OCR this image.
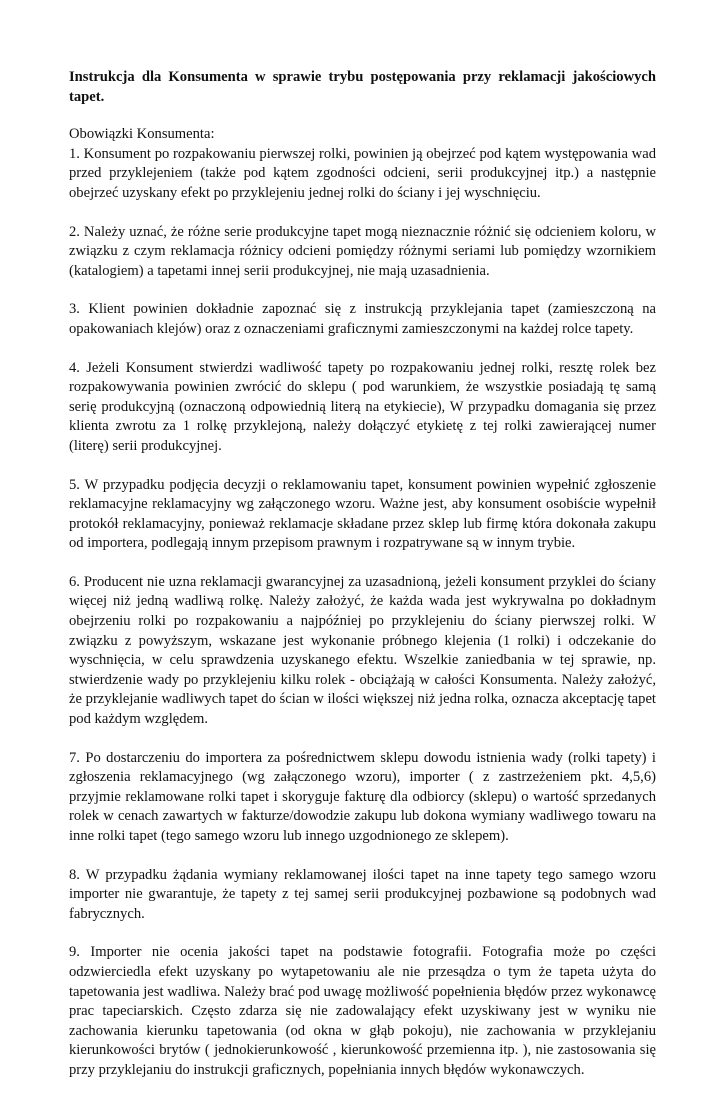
Instrukcja dla Konsumenta w sprawie trybu postępowania przy reklamacji jakościowych tapet.

Obowiązki Konsumenta:

1. Konsument po rozpakowaniu pierwszej rolki, powinien ją obejrzeć pod kątem występowania wad przed przyklejeniem (także pod kątem zgodności odcieni, serii produkcyjnej itp.) a następnie obejrzeć uzyskany efekt po przyklejeniu jednej rolki do ściany i jej wyschnięciu.

2. Należy uznać, że różne serie produkcyjne tapet mogą nieznacznie różnić się odcieniem koloru, w związku z czym reklamacja różnicy odcieni pomiędzy różnymi seriami lub pomiędzy wzornikiem (katalogiem) a tapetami innej serii produkcyjnej, nie mają uzasadnienia.

3. Klient powinien dokładnie zapoznać się z instrukcją przyklejania tapet (zamieszczoną na opakowaniach klejów) oraz z oznaczeniami graficznymi zamieszczonymi na każdej rolce tapety.

4. Jeżeli Konsument stwierdzi wadliwość tapety po rozpakowaniu jednej rolki, resztę rolek bez rozpakowywania powinien zwrócić do sklepu ( pod warunkiem, że wszystkie posiadają tę samą serię produkcyjną (oznaczoną odpowiednią literą na etykiecie), W przypadku domagania się przez klienta zwrotu za 1 rolkę przyklejoną, należy dołączyć etykietę z tej rolki zawierającej numer (literę) serii produkcyjnej.

5. W przypadku podjęcia decyzji o reklamowaniu tapet, konsument powinien wypełnić zgłoszenie reklamacyjne reklamacyjny wg załączonego wzoru. Ważne jest, aby konsument osobiście wypełnił protokół reklamacyjny, ponieważ reklamacje składane przez sklep lub firmę która dokonała zakupu od importera, podlegają innym przepisom prawnym i rozpatrywane są w innym trybie.

6. Producent nie uzna reklamacji gwarancyjnej za uzasadnioną, jeżeli konsument przyklei do ściany więcej niż jedną wadliwą rolkę. Należy założyć, że każda wada jest wykrywalna po dokładnym obejrzeniu rolki po rozpakowaniu a najpóźniej po przyklejeniu do ściany pierwszej rolki. W związku z powyższym, wskazane jest wykonanie próbnego klejenia (1 rolki) i odczekanie do wyschnięcia, w celu sprawdzenia uzyskanego efektu. Wszelkie zaniedbania w tej sprawie, np. stwierdzenie wady po przyklejeniu kilku rolek - obciążają w całości Konsumenta. Należy założyć, że przyklejanie wadliwych tapet do ścian w ilości większej niż jedna rolka, oznacza akceptację tapet pod każdym względem.

7. Po dostarczeniu do importera za pośrednictwem sklepu dowodu istnienia wady (rolki tapety) i zgłoszenia reklamacyjnego (wg załączonego wzoru), importer ( z zastrzeżeniem pkt. 4,5,6) przyjmie reklamowane rolki tapet i skoryguje fakturę dla odbiorcy (sklepu) o wartość sprzedanych rolek w cenach zawartych w fakturze/dowodzie zakupu lub dokona wymiany wadliwego towaru na inne rolki tapet (tego samego wzoru lub innego uzgodnionego ze sklepem).

8. W przypadku żądania wymiany reklamowanej ilości tapet na inne tapety tego samego wzoru importer nie gwarantuje, że tapety z tej samej serii produkcyjnej pozbawione są podobnych wad fabrycznych.

9. Importer nie ocenia jakości tapet na podstawie fotografii. Fotografia może po części odzwierciedla efekt uzyskany po wytapetowaniu ale nie przesądza o tym że tapeta użyta do tapetowania jest wadliwa. Należy brać pod uwagę możliwość popełnienia błędów przez wykonawcę prac tapeciarskich. Często zdarza się nie zadowalający efekt uzyskiwany jest w wyniku nie zachowania kierunku tapetowania (od okna w głąb pokoju), nie zachowania w przyklejaniu kierunkowości brytów ( jednokierunkowość , kierunkowość przemienna itp. ), nie zastosowania się przy przyklejaniu do instrukcji graficznych, popełniania innych błędów wykonawczych.
